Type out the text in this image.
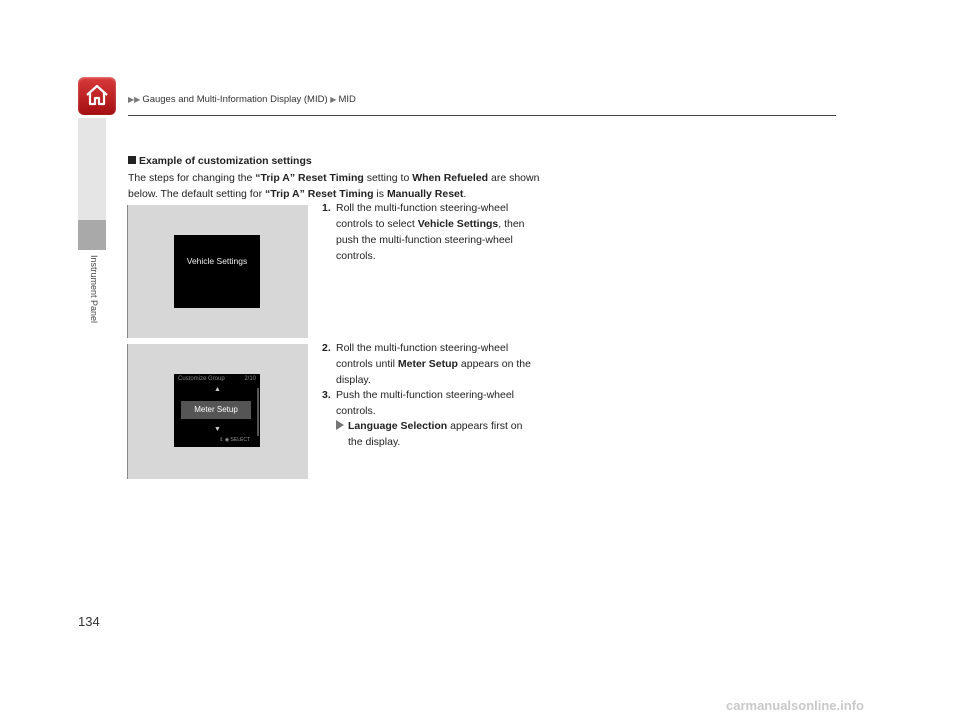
▶▶ Gauges and Multi-Information Display (MID) ▶ MID
Instrument Panel
Example of customization settings
The steps for changing the “Trip A” Reset Timing setting to When Refueled are shown below. The default setting for “Trip A” Reset Timing is Manually Reset.
Vehicle Settings
Customize Group	2/10
▲
Meter Setup
▼
⇕ ◉ SELECT
1. Roll the multi-function steering-wheel
controls to select Vehicle Settings, then
push the multi-function steering-wheel
controls.
2. Roll the multi-function steering-wheel
controls until Meter Setup appears on the
display.
3. Push the multi-function steering-wheel
controls.
Language Selection appears first on
the display.
134
carmanualsonline.info
